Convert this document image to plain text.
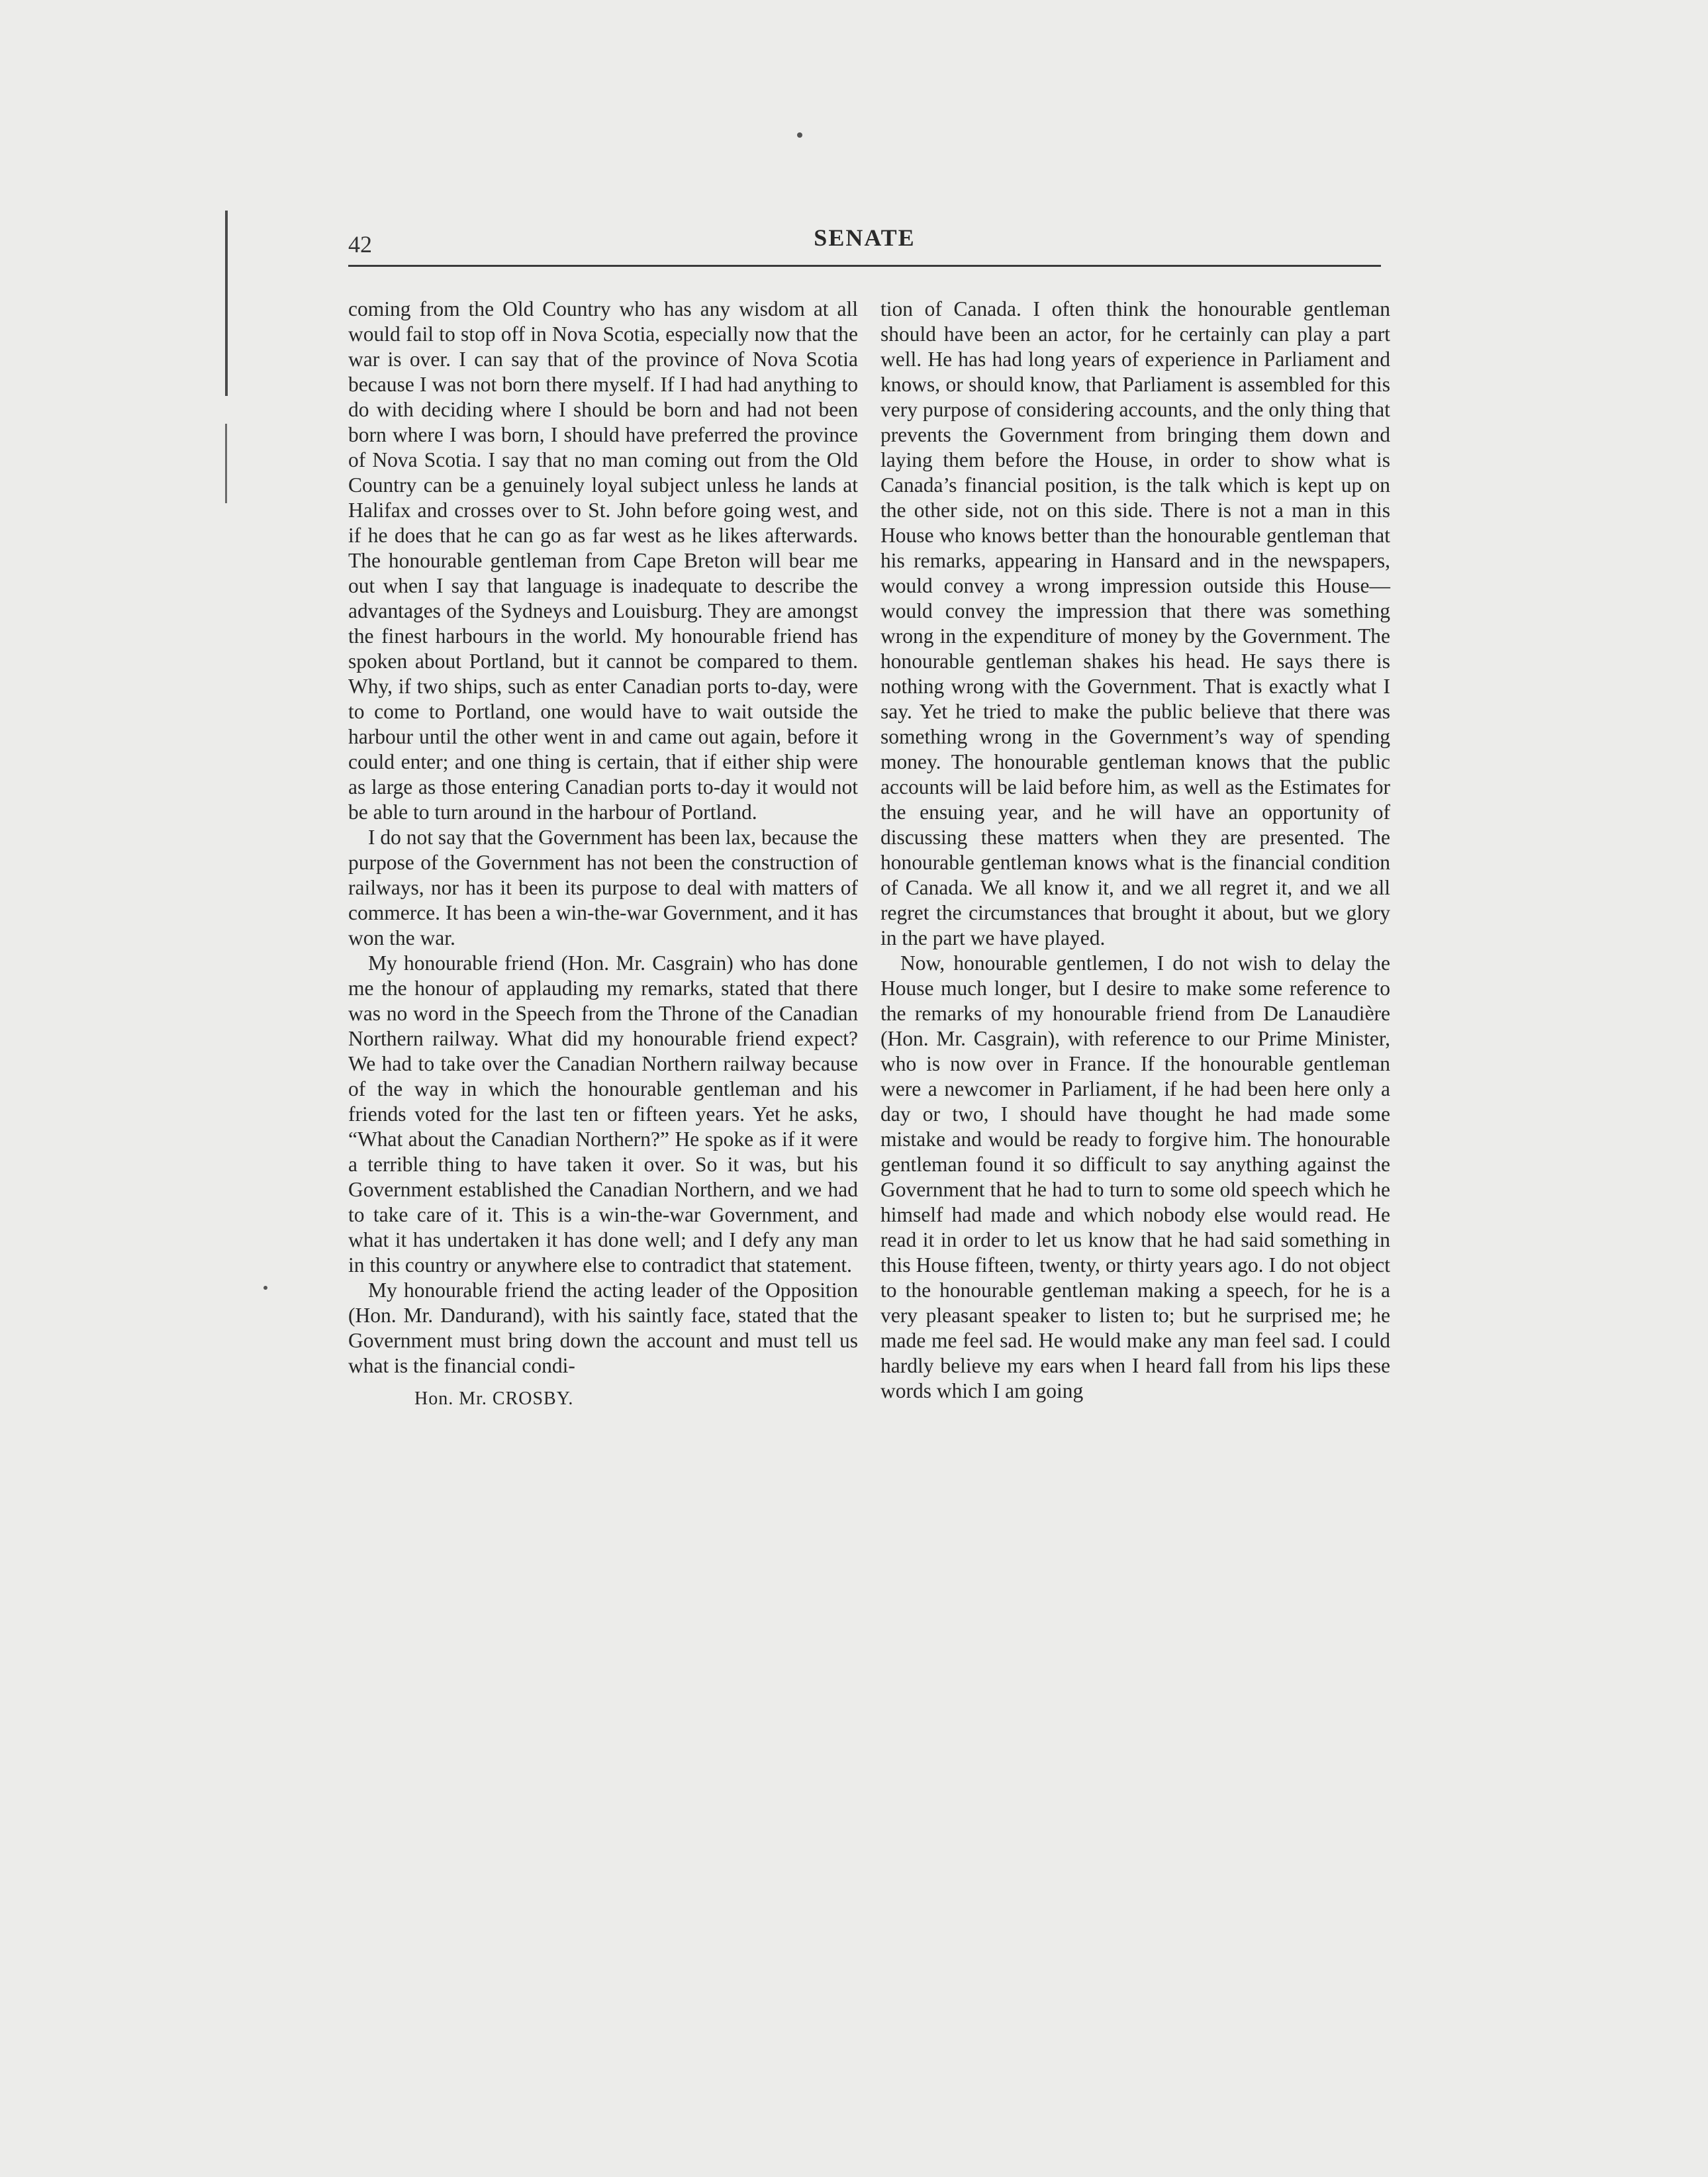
42	SENATE

coming from the Old Country who has any wisdom at all would fail to stop off in Nova Scotia, especially now that the war is over. I can say that of the province of Nova Scotia because I was not born there myself. If I had had anything to do with deciding where I should be born and had not been born where I was born, I should have preferred the province of Nova Scotia. I say that no man coming out from the Old Country can be a genuinely loyal subject unless he lands at Halifax and crosses over to St. John before going west, and if he does that he can go as far west as he likes afterwards. The honourable gentleman from Cape Breton will bear me out when I say that language is inadequate to describe the advantages of the Sydneys and Louisburg. They are amongst the finest harbours in the world. My honourable friend has spoken about Portland, but it cannot be compared to them. Why, if two ships, such as enter Canadian ports to-day, were to come to Portland, one would have to wait outside the harbour until the other went in and came out again, before it could enter; and one thing is certain, that if either ship were as large as those entering Canadian ports to-day it would not be able to turn around in the harbour of Portland.

I do not say that the Government has been lax, because the purpose of the Government has not been the construction of railways, nor has it been its purpose to deal with matters of commerce. It has been a win-the-war Government, and it has won the war.

My honourable friend (Hon. Mr. Casgrain) who has done me the honour of applauding my remarks, stated that there was no word in the Speech from the Throne of the Canadian Northern railway. What did my honourable friend expect? We had to take over the Canadian Northern railway because of the way in which the honourable gentleman and his friends voted for the last ten or fifteen years. Yet he asks, “What about the Canadian Northern?” He spoke as if it were a terrible thing to have taken it over. So it was, but his Government established the Canadian Northern, and we had to take care of it. This is a win-the-war Government, and what it has undertaken it has done well; and I defy any man in this country or anywhere else to contradict that statement.

My honourable friend the acting leader of the Opposition (Hon. Mr. Dandurand), with his saintly face, stated that the Government must bring down the account and must tell us what is the financial condi-

Hon. Mr. CROSBY.

tion of Canada. I often think the honourable gentleman should have been an actor, for he certainly can play a part well. He has had long years of experience in Parliament and knows, or should know, that Parliament is assembled for this very purpose of considering accounts, and the only thing that prevents the Government from bringing them down and laying them before the House, in order to show what is Canada’s financial position, is the talk which is kept up on the other side, not on this side. There is not a man in this House who knows better than the honourable gentleman that his remarks, appearing in Hansard and in the newspapers, would convey a wrong impression outside this House—would convey the impression that there was something wrong in the expenditure of money by the Government. The honourable gentleman shakes his head. He says there is nothing wrong with the Government. That is exactly what I say. Yet he tried to make the public believe that there was something wrong in the Government’s way of spending money. The honourable gentleman knows that the public accounts will be laid before him, as well as the Estimates for the ensuing year, and he will have an opportunity of discussing these matters when they are presented. The honourable gentleman knows what is the financial condition of Canada. We all know it, and we all regret it, and we all regret the circumstances that brought it about, but we glory in the part we have played.

Now, honourable gentlemen, I do not wish to delay the House much longer, but I desire to make some reference to the remarks of my honourable friend from De Lanaudière (Hon. Mr. Casgrain), with reference to our Prime Minister, who is now over in France. If the honourable gentleman were a newcomer in Parliament, if he had been here only a day or two, I should have thought he had made some mistake and would be ready to forgive him. The honourable gentleman found it so difficult to say anything against the Government that he had to turn to some old speech which he himself had made and which nobody else would read. He read it in order to let us know that he had said something in this House fifteen, twenty, or thirty years ago. I do not object to the honourable gentleman making a speech, for he is a very pleasant speaker to listen to; but he surprised me; he made me feel sad. He would make any man feel sad. I could hardly believe my ears when I heard fall from his lips these words which I am going
